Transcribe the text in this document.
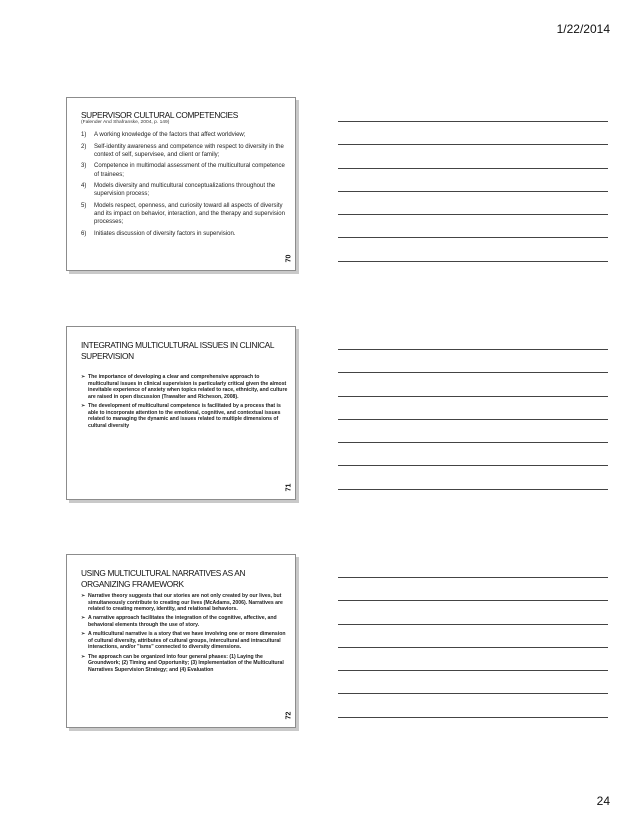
1/22/2014
SUPERVISOR CULTURAL COMPETENCIES
(Falender And Shafranske, 2004, p. 149)
1)	A working knowledge of the factors that affect worldview;
2)	Self-identity awareness and competence with respect to diversity in the context of self, supervisee, and client or family;
3)	Competence in multimodal assessment of the multicultural competence of trainees;
4)	Models diversity and multicultural conceptualizations throughout the supervision process;
5)	Models respect, openness, and curiosity toward all aspects of diversity and its impact on behavior, interaction, and the therapy and supervision processes;
6)	Initiates discussion of diversity factors in supervision.
70
INTEGRATING MULTICULTURAL ISSUES IN CLINICAL SUPERVISION
➢ The importance of developing a clear and comprehensive approach to multicultural issues in clinical supervision is particularly critical given the almost inevitable experience of anxiety when topics related to race, ethnicity, and culture are raised in open discussion (Trawalter and Richeson, 2008).
➢ The development of multicultural competence is facilitated by a process that is able to incorporate attention to the emotional, cognitive, and contextual issues related to managing the dynamic and issues related to multiple dimensions of cultural diversity
71
USING MULTICULTURAL NARRATIVES AS AN ORGANIZING FRAMEWORK
➢ Narrative theory suggests that our stories are not only created by our lives, but simultaneously contribute to creating our lives (McAdams, 2006). Narratives are related to creating memory, identity, and relational behaviors.
➢ A narrative approach facilitates the integration of the cognitive, affective, and behavioral elements through the use of story.
➢ A multicultural narrative is a story that we have involving one or more dimension of cultural diversity, attributes of cultural groups, intercultural and intracultural interactions, and/or "isms" connected to diversity dimensions.
➢ The approach can be organized into four general phases: (1) Laying the Groundwork; (2) Timing and Opportunity; (3) Implementation of the Multicultural Narratives Supervision Strategy; and (4) Evaluation
72
24
